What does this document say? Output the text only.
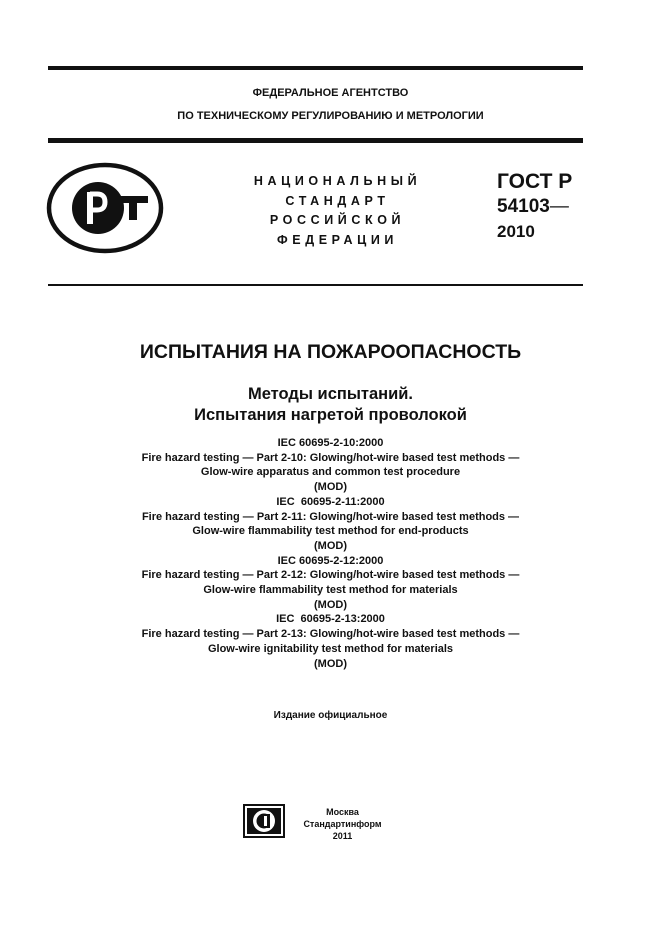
ФЕДЕРАЛЬНОЕ АГЕНТСТВО
ПО ТЕХНИЧЕСКОМУ РЕГУЛИРОВАНИЮ И МЕТРОЛОГИИ
РСТ
НАЦИОНАЛЬНЫЙ
СТАНДАРТ
РОССИЙСКОЙ
ФЕДЕРАЦИИ
ГОСТ Р
54103—
2010
ИСПЫТАНИЯ НА ПОЖАРООПАСНОСТЬ
Методы испытаний.
Испытания нагретой проволокой
IEC 60695-2-10:2000
Fire hazard testing — Part 2-10: Glowing/hot-wire based test methods —
Glow-wire apparatus and common test procedure
(MOD)
IEC  60695-2-11:2000
Fire hazard testing — Part 2-11: Glowing/hot-wire based test methods —
Glow-wire flammability test method for end-products
(MOD)
IEC 60695-2-12:2000
Fire hazard testing — Part 2-12: Glowing/hot-wire based test methods —
Glow-wire flammability test method for materials
(MOD)
IEC  60695-2-13:2000
Fire hazard testing — Part 2-13: Glowing/hot-wire based test methods —
Glow-wire ignitability test method for materials
(MOD)
Издание официальное
СИ
Москва
Стандартинформ
2011
